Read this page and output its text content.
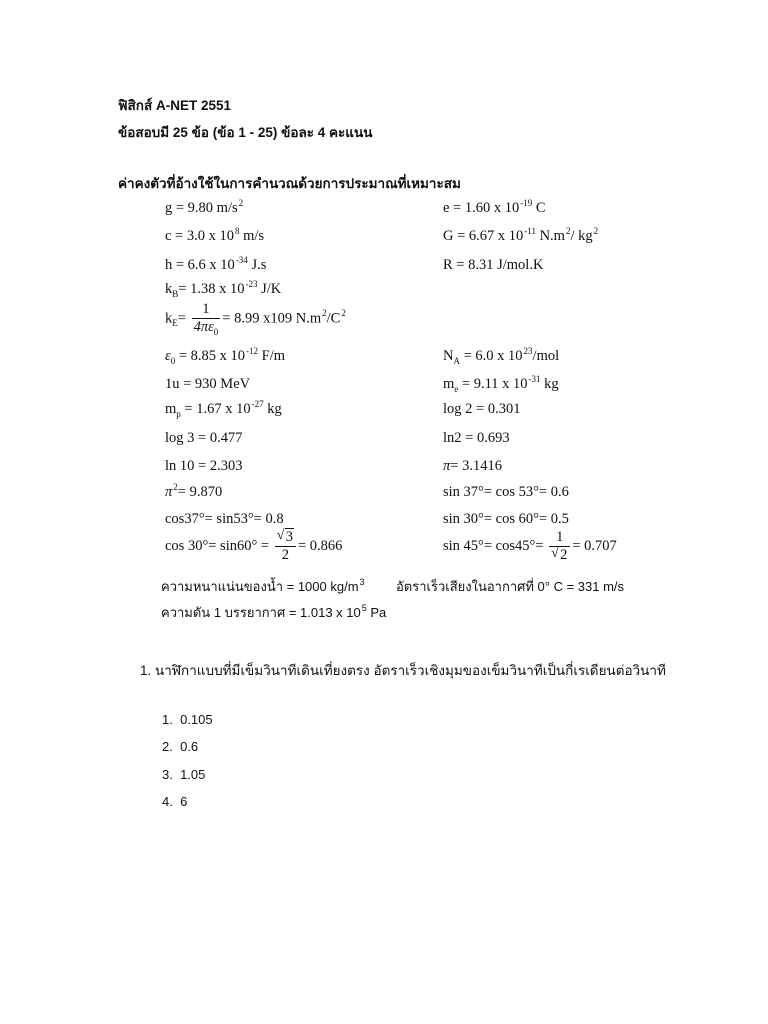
ฟิสิกส์ A-NET 2551
ข้อสอบมี 25 ข้อ (ข้อ 1 - 25) ข้อละ 4 คะแนน
ค่าคงตัวที่อ้างใช้ในการคำนวณด้วยการประมาณที่เหมาะสม
g = 9.80 $m/s^2$
c = 3.0 x $10^8$ m/s
h = 6.6 x $10^{-34}$ J.s
$k_B= 1.38$ x $10^{-23}$ J/K
$k_E= \frac{1}{4\pi\varepsilon_0} = 8.99$ x109 $N.m^2/C^2$
$\varepsilon_0 = 8.85$ x $10^{-12}$ F/m
1u = 930 MeV
$m_p = 1.67$ x $10^{-27}$ kg
log 3 = 0.477
ln 10 = 2.303
$\pi^2= 9.870$
cos37°= sin53°= 0.8
$\cos 30^\circ= \sin 60^\circ = \frac{√ 3}{2} = 0.866$
e = 1.60 x $10^{-19}$ C
G = 6.67 x $10^{-11}$ $N.m^2/$ $kg^2$
R = 8.31 J/mol.K
$N_A = 6.0$ x $10^{23}$/mol
$m_e = 9.11$ x $10^{-31}$ kg
log 2 = 0.301
ln2 = 0.693
π= 3.1416
sin 37°= cos 53°= 0.6
sin 30°= cos 60°= 0.5
$\sin 45^\circ= \cos 45^\circ= \frac{1}{√ 2} = 0.707$
ความหนาแน่นของน้ำ = 1000 $kg/m^3$ อัตราเร็วเสียงในอากาศที่ 0° C = 331 m/s
ความดัน 1 บรรยากาศ = 1.013 x $10^5$ Pa
1. นาฬิกาแบบที่มีเข็มวินาทีเดินเที่ยงตรง อัตราเร็วเชิงมุมของเข็มวินาทีเป็นกี่เรเดียนต่อวินาที
1. 0.105
2. 0.6
3. 1.05
4. 6
